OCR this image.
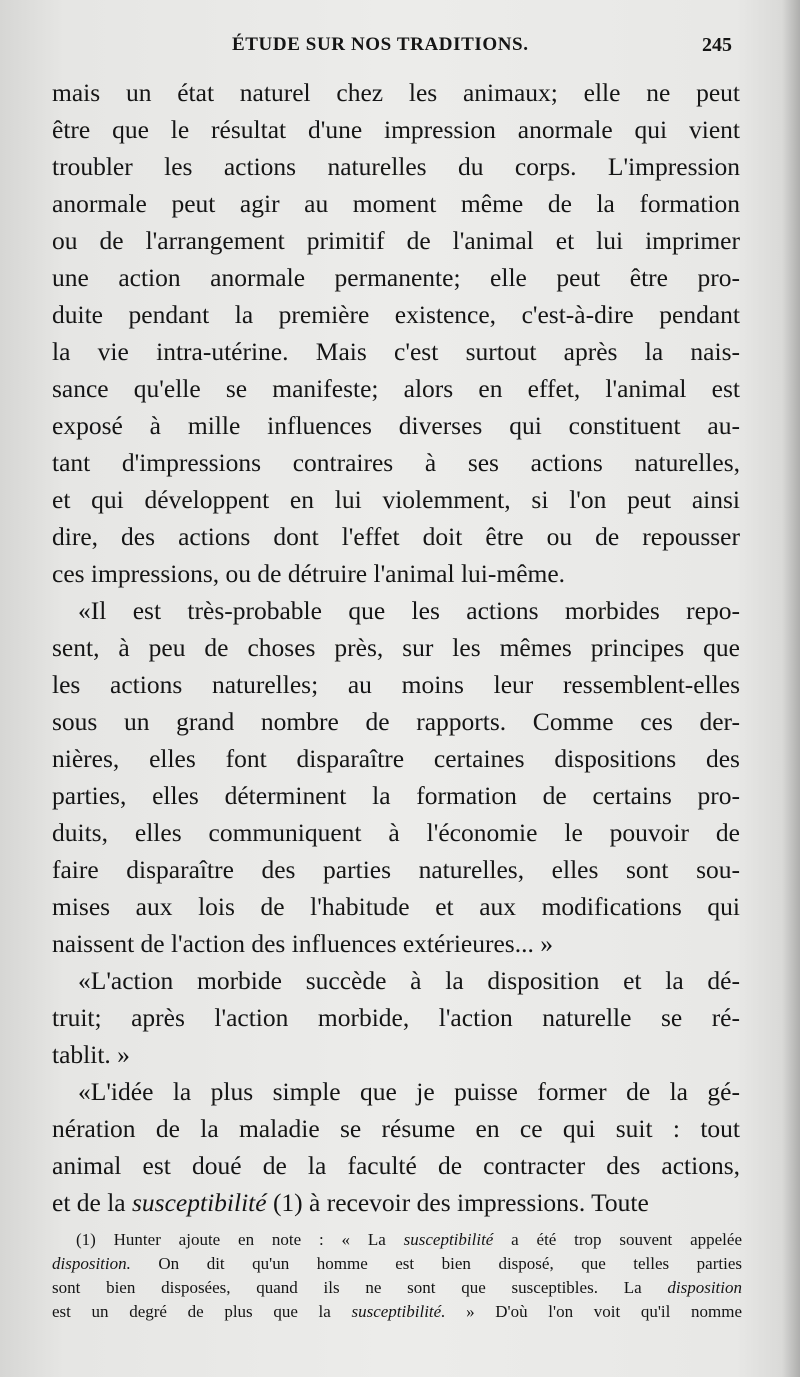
ÉTUDE SUR NOS TRADITIONS.	245
mais un état naturel chez les animaux; elle ne peut
être que le résultat d'une impression anormale qui vient
troubler les actions naturelles du corps. L'impression
anormale peut agir au moment même de la formation
ou de l'arrangement primitif de l'animal et lui imprimer
une action anormale permanente; elle peut être pro-
duite pendant la première existence, c'est-à-dire pendant
la vie intra-utérine. Mais c'est surtout après la nais-
sance qu'elle se manifeste; alors en effet, l'animal est
exposé à mille influences diverses qui constituent au-
tant d'impressions contraires à ses actions naturelles,
et qui développent en lui violemment, si l'on peut ainsi
dire, des actions dont l'effet doit être ou de repousser
ces impressions, ou de détruire l'animal lui-même.
«Il est très-probable que les actions morbides repo-
sent, à peu de choses près, sur les mêmes principes que
les actions naturelles; au moins leur ressemblent-elles
sous un grand nombre de rapports. Comme ces der-
nières, elles font disparaître certaines dispositions des
parties, elles déterminent la formation de certains pro-
duits, elles communiquent à l'économie le pouvoir de
faire disparaître des parties naturelles, elles sont sou-
mises aux lois de l'habitude et aux modifications qui
naissent de l'action des influences extérieures... »
«L'action morbide succède à la disposition et la dé-
truit; après l'action morbide, l'action naturelle se ré-
tablit. »
«L'idée la plus simple que je puisse former de la gé-
nération de la maladie se résume en ce qui suit : tout
animal est doué de la faculté de contracter des actions,
et de la susceptibilité (1) à recevoir des impressions. Toute
(1) Hunter ajoute en note : « La susceptibilité a été trop souvent appelée
disposition. On dit qu'un homme est bien disposé, que telles parties
sont bien disposées, quand ils ne sont que susceptibles. La disposition
est un degré de plus que la susceptibilité. » D'où l'on voit qu'il nomme
